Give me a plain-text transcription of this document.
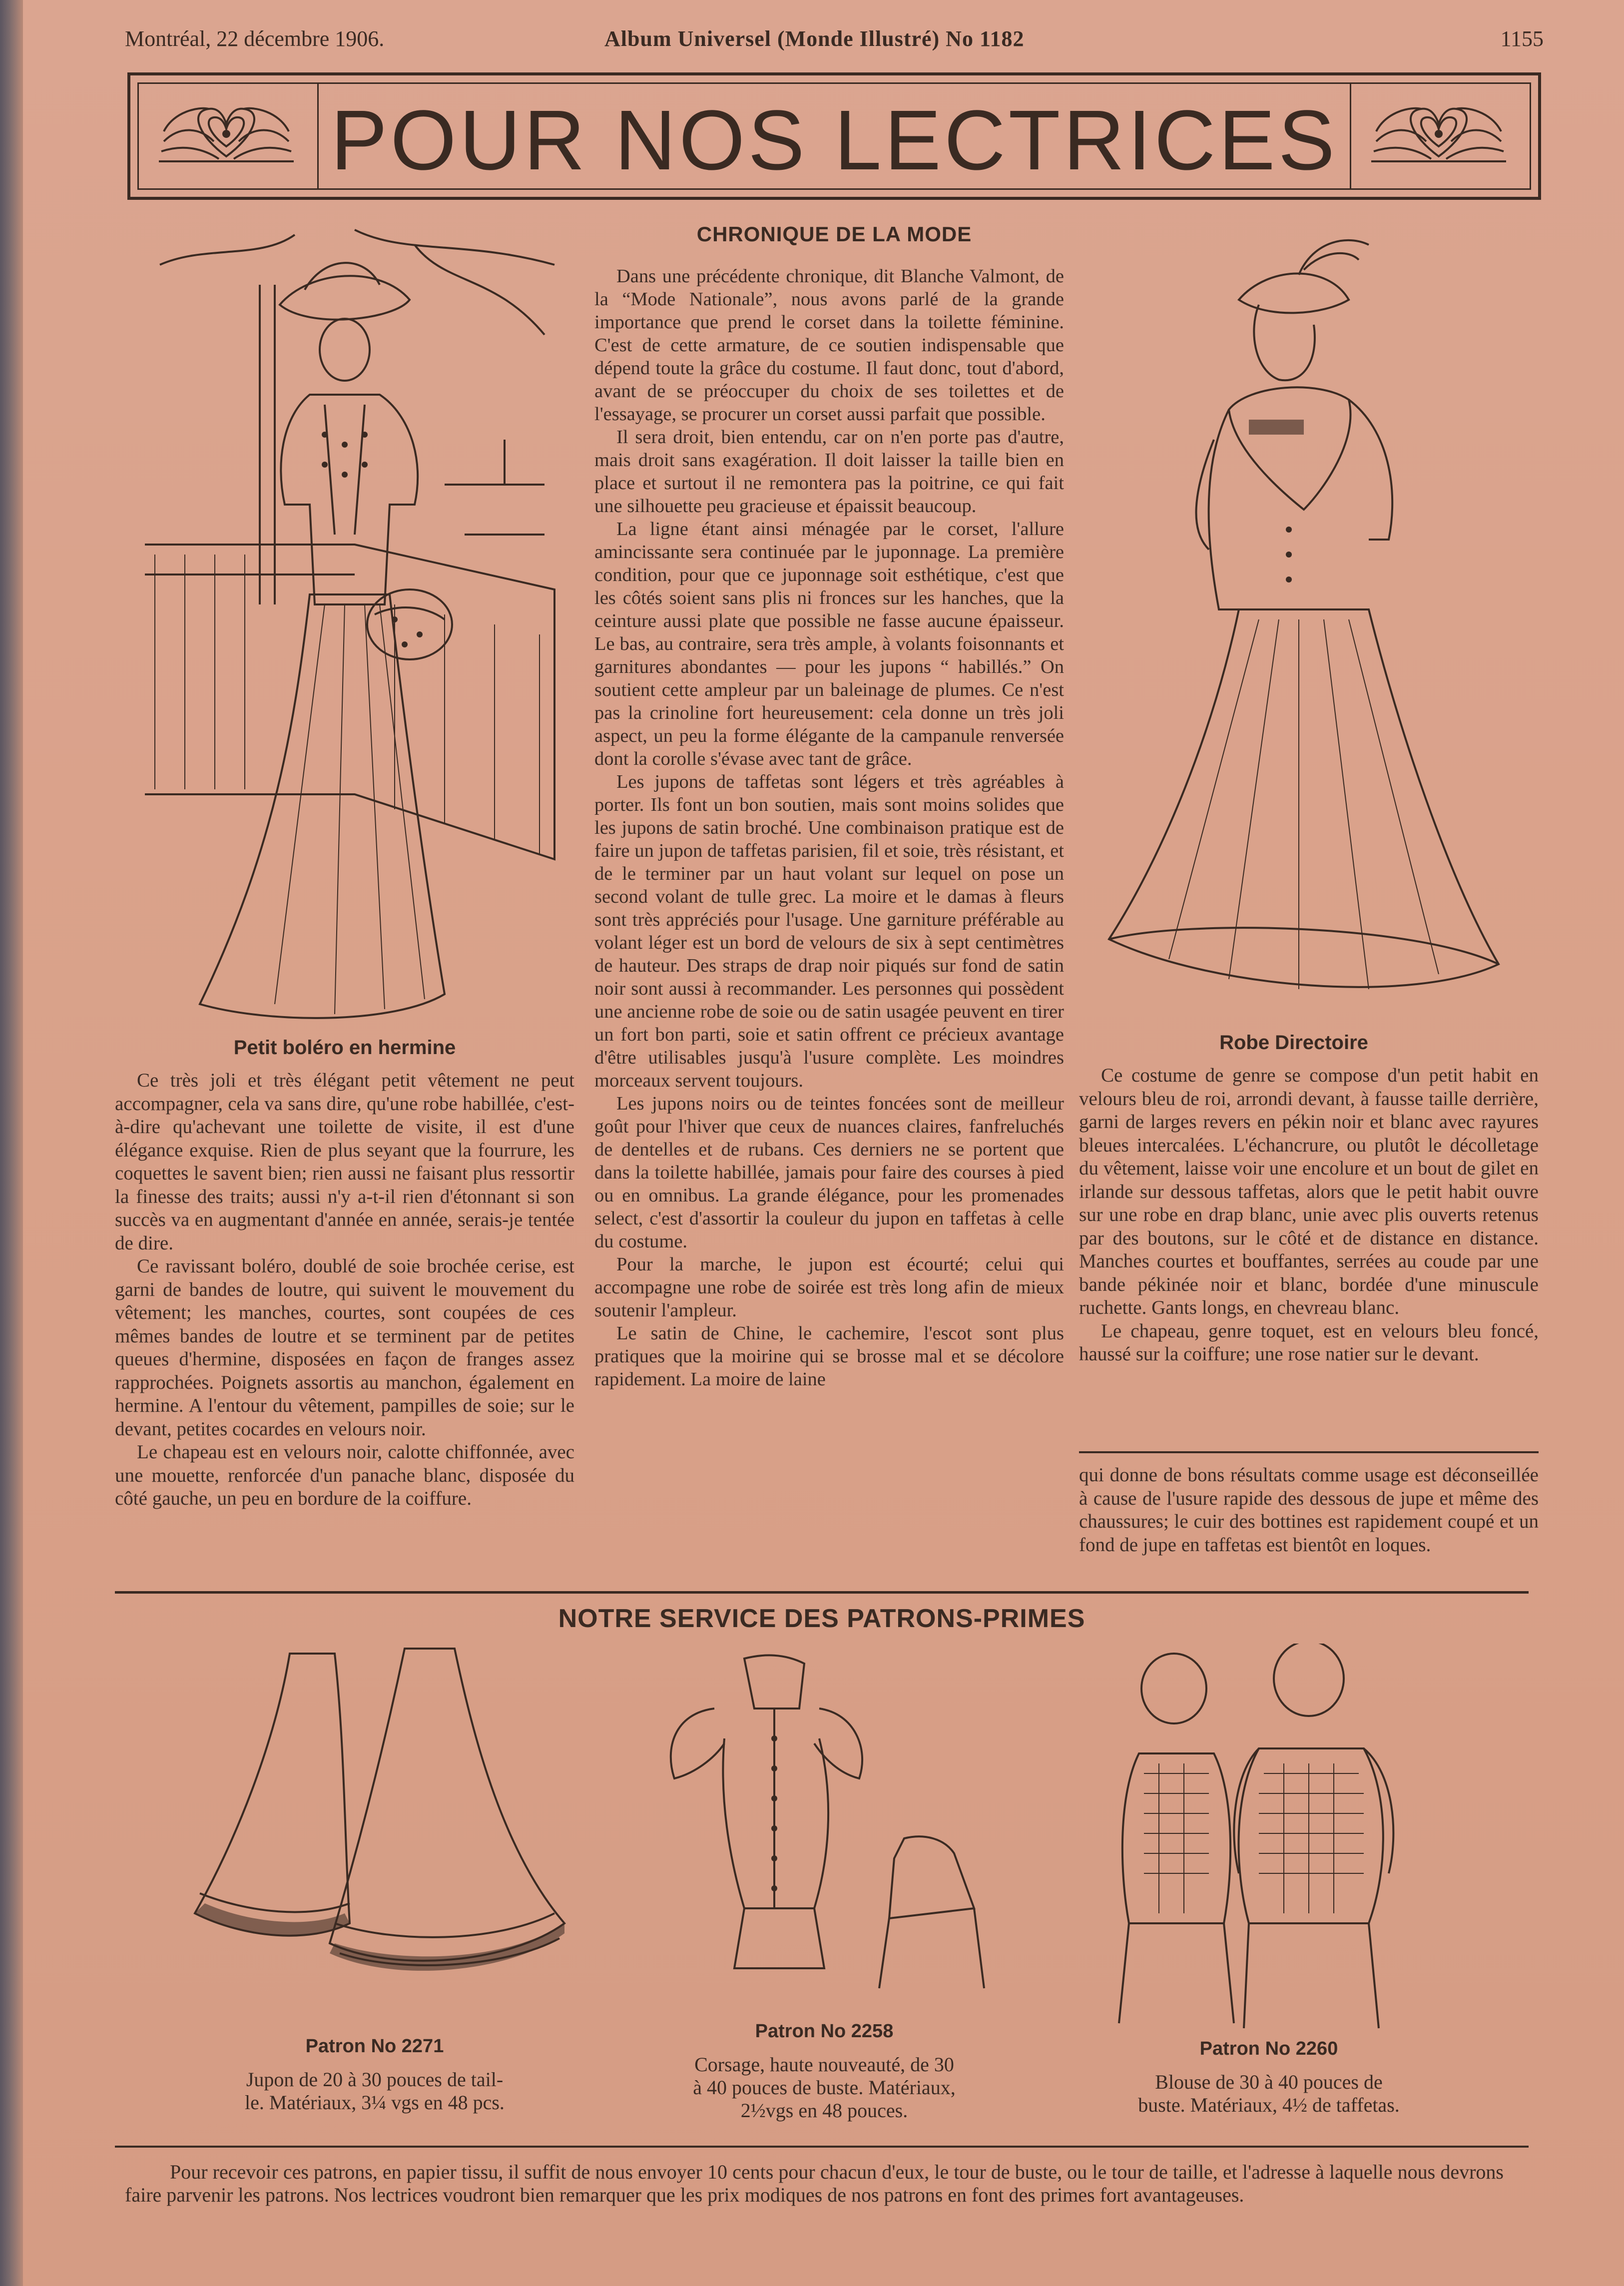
Montréal, 22 décembre 1906.	Album Universel (Monde Illustré) No 1182	1155
POUR NOS LECTRICES
Petit boléro en hermine

Ce très joli et très élégant petit vêtement ne peut accompagner, cela va sans dire, qu'une robe habillée, c'est-à-dire qu'achevant une toilette de visite, il est d'une élégance exquise. Rien de plus seyant que la fourrure, les coquettes le savent bien; rien aussi ne faisant plus ressortir la finesse des traits; aussi n'y a-t-il rien d'étonnant si son succès va en augmentant d'année en année, serais-je tentée de dire.

Ce ravissant boléro, doublé de soie brochée cerise, est garni de bandes de loutre, qui suivent le mouvement du vêtement; les manches, courtes, sont coupées de ces mêmes bandes de loutre et se terminent par de petites queues d'hermine, disposées en façon de franges assez rapprochées. Poignets assortis au manchon, également en hermine. A l'entour du vêtement, pampilles de soie; sur le devant, petites cocardes en velours noir.

Le chapeau est en velours noir, calotte chiffonnée, avec une mouette, renforcée d'un panache blanc, disposée du côté gauche, un peu en bordure de la coiffure.

CHRONIQUE DE LA MODE

Dans une précédente chronique, dit Blanche Valmont, de la “Mode Nationale”, nous avons parlé de la grande importance que prend le corset dans la toilette féminine. C'est de cette armature, de ce soutien indispensable que dépend toute la grâce du costume. Il faut donc, tout d'abord, avant de se préoccuper du choix de ses toilettes et de l'essayage, se procurer un corset aussi parfait que possible.

Il sera droit, bien entendu, car on n'en porte pas d'autre, mais droit sans exagération. Il doit laisser la taille bien en place et surtout il ne remontera pas la poitrine, ce qui fait une silhouette peu gracieuse et épaissit beaucoup.

La ligne étant ainsi ménagée par le corset, l'allure amincissante sera continuée par le juponnage. La première condition, pour que ce juponnage soit esthétique, c'est que les côtés soient sans plis ni fronces sur les hanches, que la ceinture aussi plate que possible ne fasse aucune épaisseur. Le bas, au contraire, sera très ample, à volants foisonnants et garnitures abondantes — pour les jupons “ habillés.” On soutient cette ampleur par un baleinage de plumes. Ce n'est pas la crinoline fort heureusement: cela donne un très joli aspect, un peu la forme élégante de la campanule renversée dont la corolle s'évase avec tant de grâce.

Les jupons de taffetas sont légers et très agréables à porter. Ils font un bon soutien, mais sont moins solides que les jupons de satin broché. Une combinaison pratique est de faire un jupon de taffetas parisien, fil et soie, très résistant, et de le terminer par un haut volant sur lequel on pose un second volant de tulle grec. La moire et le damas à fleurs sont très appréciés pour l'usage. Une garniture préférable au volant léger est un bord de velours de six à sept centimètres de hauteur. Des straps de drap noir piqués sur fond de satin noir sont aussi à recommander. Les personnes qui possèdent une ancienne robe de soie ou de satin usagée peuvent en tirer un fort bon parti, soie et satin offrent ce précieux avantage d'être utilisables jusqu'à l'usure complète. Les moindres morceaux servent toujours.

Les jupons noirs ou de teintes foncées sont de meilleur goût pour l'hiver que ceux de nuances claires, fanfreluchés de dentelles et de rubans. Ces derniers ne se portent que dans la toilette habillée, jamais pour faire des courses à pied ou en omnibus. La grande élégance, pour les promenades select, c'est d'assortir la couleur du jupon en taffetas à celle du costume.

Pour la marche, le jupon est écourté; celui qui accompagne une robe de soirée est très long afin de mieux soutenir l'ampleur.

Le satin de Chine, le cachemire, l'escot sont plus pratiques que la moirine qui se brosse mal et se décolore rapidement. La moire de laine

Robe Directoire

Ce costume de genre se compose d'un petit habit en velours bleu de roi, arrondi devant, à fausse taille derrière, garni de larges revers en pékin noir et blanc avec rayures bleues intercalées. L'échancrure, ou plutôt le décolletage du vêtement, laisse voir une encolure et un bout de gilet en irlande sur dessous taffetas, alors que le petit habit ouvre sur une robe en drap blanc, unie avec plis ouverts retenus par des boutons, sur le côté et de distance en distance. Manches courtes et bouffantes, serrées au coude par une bande pékinée noir et blanc, bordée d'une minuscule ruchette. Gants longs, en chevreau blanc.

Le chapeau, genre toquet, est en velours bleu foncé, haussé sur la coiffure; une rose natier sur le devant.

qui donne de bons résultats comme usage est déconseillée à cause de l'usure rapide des dessous de jupe et même des chaussures; le cuir des bottines est rapidement coupé et un fond de jupe en taffetas est bientôt en loques.

NOTRE SERVICE DES PATRONS-PRIMES
Patron No 2271
Jupon de 20 à 30 pouces de tail-
le. Matériaux, 3¼ vgs en 48 pcs.
Patron No 2258
Corsage, haute nouveauté, de 30
à 40 pouces de buste. Matériaux,
2½vgs en 48 pouces.
Patron No 2260
Blouse de 30 à 40 pouces de
buste. Matériaux, 4½ de taffetas.
Pour recevoir ces patrons, en papier tissu, il suffit de nous envoyer 10 cents pour chacun d'eux, le tour de buste, ou le tour de taille, et l'adresse à laquelle nous devrons faire parvenir les patrons. Nos lectrices voudront bien remarquer que les prix modiques de nos patrons en font des primes fort avantageuses.
